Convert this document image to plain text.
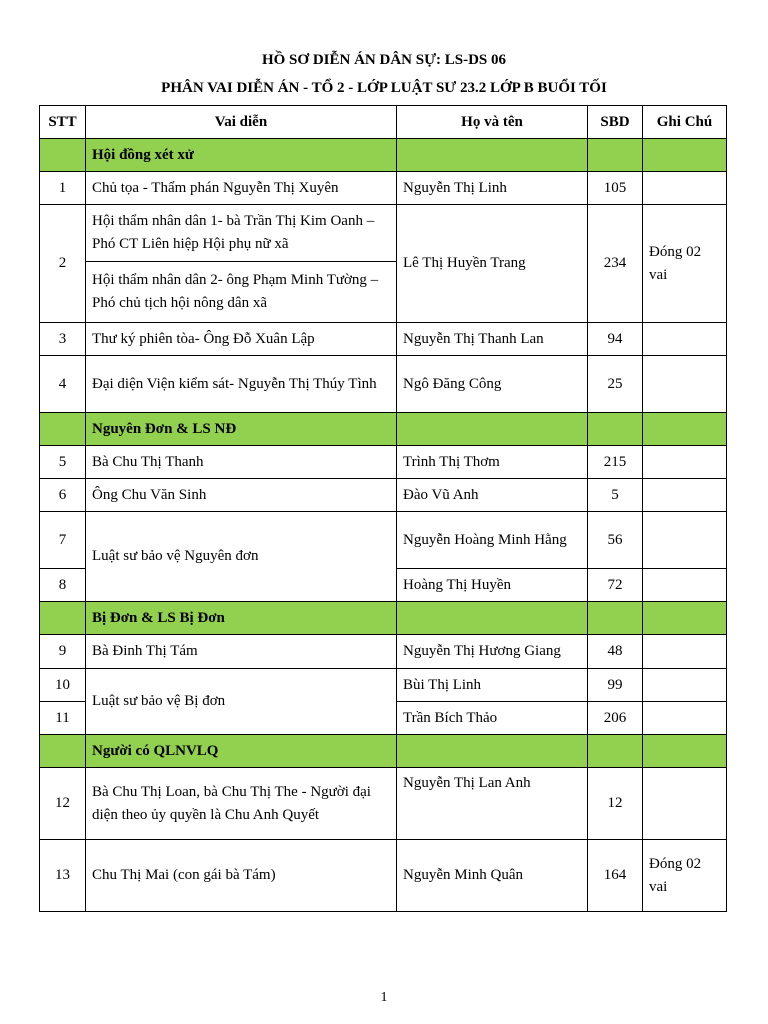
HỒ SƠ DIỄN ÁN DÂN SỰ: LS-DS 06

PHÂN VAI DIỄN ÁN - TỔ 2 - LỚP LUẬT SƯ 23.2 LỚP B BUỔI TỐI

STT	Vai diễn	Họ và tên	SBD	Ghi Chú
	Hội đồng xét xử			
1	Chủ tọa - Thẩm phán Nguyễn Thị Xuyên	Nguyễn Thị Linh	105	
2	Hội thẩm nhân dân 1- bà Trần Thị Kim Oanh – Phó CT Liên hiệp Hội phụ nữ xã	Lê Thị Huyền Trang	234	Đóng 02 vai
	Hội thẩm nhân dân 2- ông Phạm Minh Tường – Phó chủ tịch hội nông dân xã			
3	Thư ký phiên tòa- Ông Đỗ Xuân Lập	Nguyễn Thị Thanh Lan	94	
4	Đại diện Viện kiểm sát- Nguyễn Thị Thúy Tình	Ngô Đăng Công	25	
	Nguyên Đơn & LS NĐ			
5	Bà Chu Thị Thanh	Trình Thị Thơm	215	
6	Ông Chu Văn Sinh	Đào Vũ Anh	5	
7	Luật sư bảo vệ Nguyên đơn	Nguyễn Hoàng Minh Hằng	56	
8		Hoàng Thị Huyền	72	
	Bị Đơn & LS Bị Đơn			
9	Bà Đinh Thị Tám	Nguyễn Thị Hương Giang	48	
10	Luật sư bảo vệ Bị đơn	Bùi Thị Linh	99	
11		Trần Bích Thảo	206	
	Người có QLNVLQ			
12	Bà Chu Thị Loan, bà Chu Thị The - Người đại diện theo ủy quyền là Chu Anh Quyết	Nguyễn Thị Lan Anh	12	
13	Chu Thị Mai (con gái bà Tám)	Nguyễn Minh Quân	164	Đóng 02 vai
1
